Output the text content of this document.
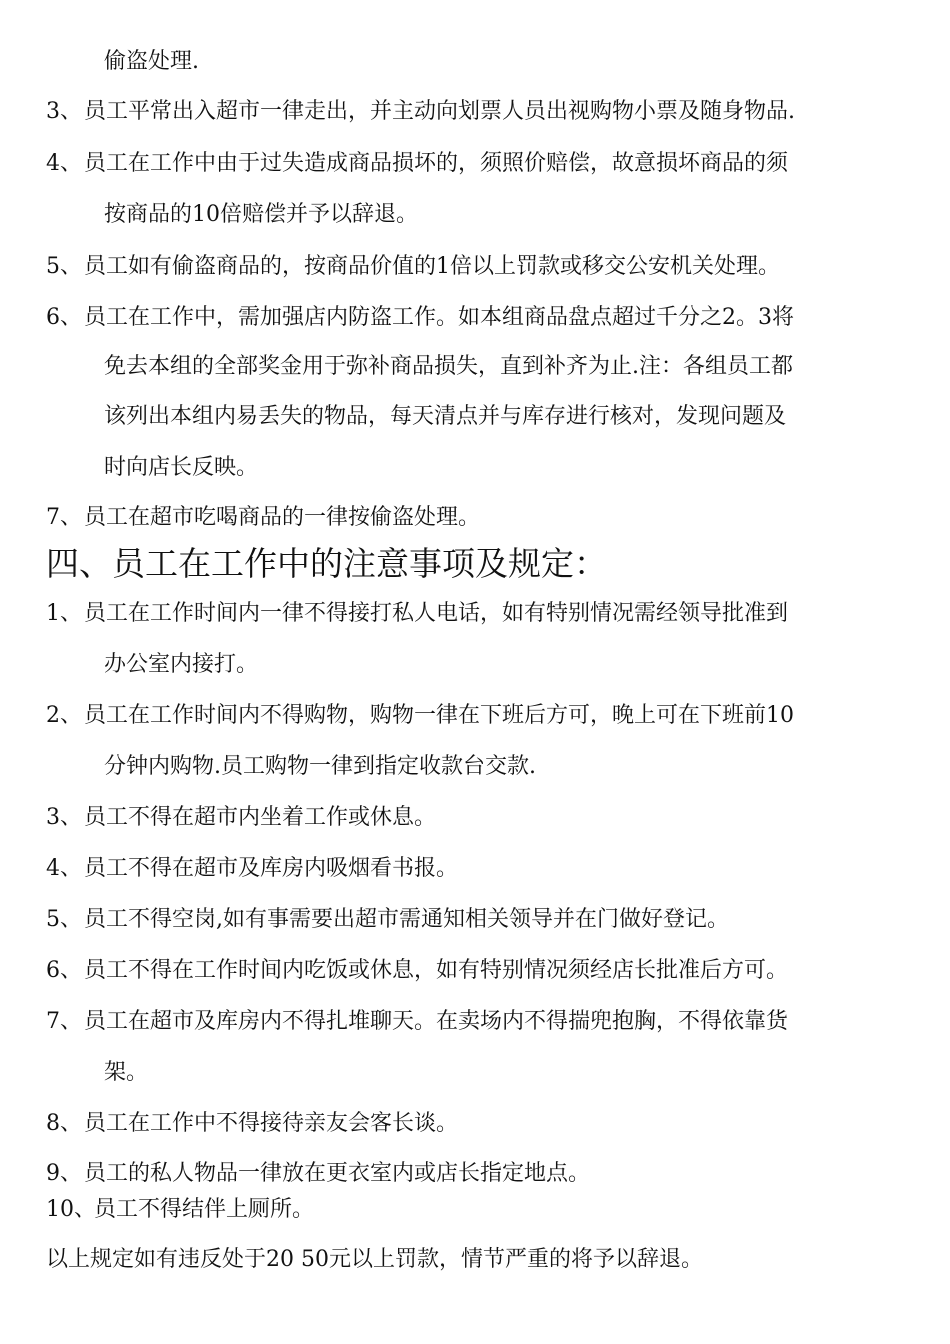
偷盗处理.
3、 员工平常出入超市一律走出，并主动向划票人员出视购物小票及随身物品.
4、 员工在工作中由于过失造成商品损坏的，须照价赔偿，故意损坏商品的须
按商品的10倍赔偿并予以辞退。
5、 员工如有偷盗商品的，按商品价值的1倍以上罚款或移交公安机关处理。
6、 员工在工作中，需加强店内防盗工作。如本组商品盘点超过千分之2。3将
免去本组的全部奖金用于弥补商品损失，直到补齐为止.注：各组员工都
该列出本组内易丢失的物品，每天清点并与库存进行核对，发现问题及
时向店长反映。
7、 员工在超市吃喝商品的一律按偷盗处理。
四、员工在工作中的注意事项及规定：
1、 员工在工作时间内一律不得接打私人电话，如有特别情况需经领导批准到
办公室内接打。
2、 员工在工作时间内不得购物，购物一律在下班后方可，晚上可在下班前10
分钟内购物.员工购物一律到指定收款台交款.
3、 员工不得在超市内坐着工作或休息。
4、 员工不得在超市及库房内吸烟看书报。
5、 员工不得空岗,如有事需要出超市需通知相关领导并在门做好登记。
6、 员工不得在工作时间内吃饭或休息，如有特别情况须经店长批准后方可。
7、 员工在超市及库房内不得扎堆聊天。在卖场内不得揣兜抱胸，不得依靠货
架。
8、 员工在工作中不得接待亲友会客长谈。
9、 员工的私人物品一律放在更衣室内或店长指定地点。
10、
员工不得结伴上厕所。
以上规定如有违反处于20 50元以上罚款，情节严重的将予以辞退。
